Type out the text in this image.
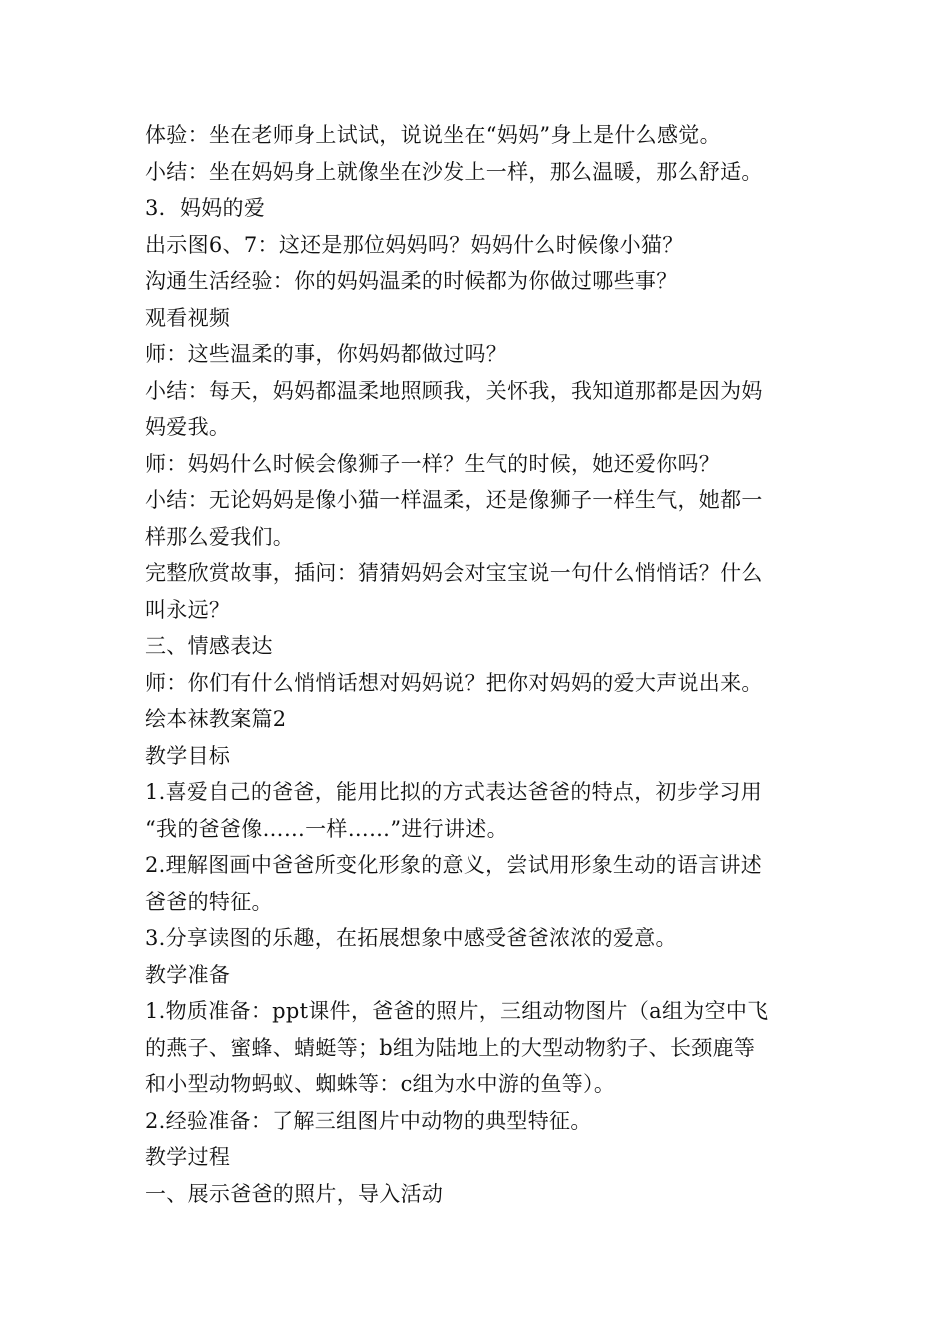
体验：坐在老师身上试试，说说坐在“妈妈”身上是什么感觉。

小结：坐在妈妈身上就像坐在沙发上一样，那么温暖，那么舒适。

3．妈妈的爱

出示图6、7：这还是那位妈妈吗？妈妈什么时候像小猫？

沟通生活经验：你的妈妈温柔的时候都为你做过哪些事？

观看视频

师：这些温柔的事，你妈妈都做过吗？

小结：每天，妈妈都温柔地照顾我，关怀我，我知道那都是因为妈

妈爱我。

师：妈妈什么时候会像狮子一样？生气的时候，她还爱你吗？

小结：无论妈妈是像小猫一样温柔，还是像狮子一样生气，她都一

样那么爱我们。

完整欣赏故事，插问：猜猜妈妈会对宝宝说一句什么悄悄话？什么

叫永远？

三、情感表达

师：你们有什么悄悄话想对妈妈说？把你对妈妈的爱大声说出来。

绘本袜教案篇2

教学目标

1.喜爱自己的爸爸，能用比拟的方式表达爸爸的特点，初步学习用

“我的爸爸像……一样……”进行讲述。

2.理解图画中爸爸所变化形象的意义，尝试用形象生动的语言讲述

爸爸的特征。

3.分享读图的乐趣，在拓展想象中感受爸爸浓浓的爱意。

教学准备

1.物质准备：ppt课件，爸爸的照片，三组动物图片（a组为空中飞

的燕子、蜜蜂、蜻蜓等；b组为陆地上的大型动物豹子、长颈鹿等

和小型动物蚂蚁、蜘蛛等：c组为水中游的鱼等）。

2.经验准备：了解三组图片中动物的典型特征。

教学过程

一、展示爸爸的照片，导入活动
